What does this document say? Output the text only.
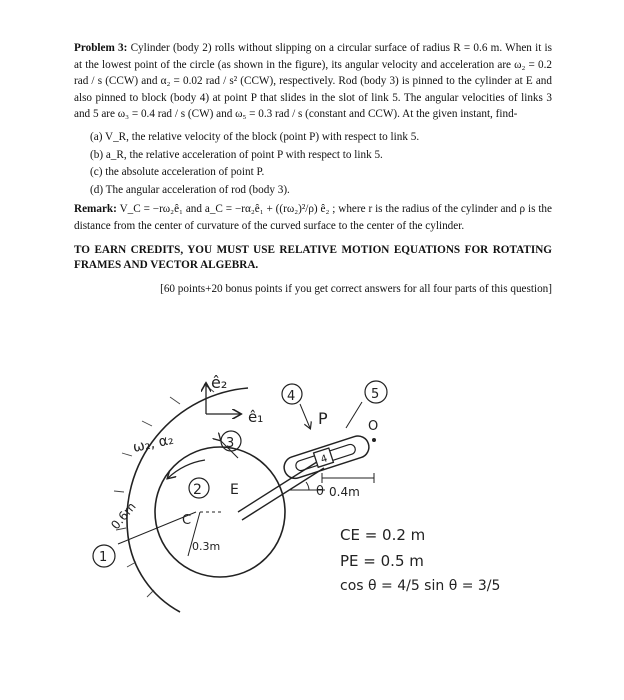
Problem 3: Cylinder (body 2) rolls without slipping on a circular surface of radius R = 0.6 m. When it is at the lowest point of the circle (as shown in the figure), its angular velocity and acceleration are ω₂ = 0.2 rad / s (CCW) and α₂ = 0.02 rad / s² (CCW), respectively. Rod (body 3) is pinned to the cylinder at E and also pinned to block (body 4) at point P that slides in the slot of link 5. The angular velocities of links 3 and 5 are ω₃ = 0.4 rad / s (CW) and ω₅ = 0.3 rad / s (constant and CCW). At the given instant, find-

(a) V_R, the relative velocity of the block (point P) with respect to link 5.
(b) a_R, the relative acceleration of point P with respect to link 5.
(c) the absolute acceleration of point P.
(d) The angular acceleration of rod (body 3).

Remark: V_C = −rω₂ê₁ and a_C = −rα₂ê₁ + ((rω₂)²/ρ) ê₂ ; where r is the radius of the cylinder and ρ is the distance from the center of curvature of the curved surface to the center of the cylinder.

TO EARN CREDITS, YOU MUST USE RELATIVE MOTION EQUATIONS FOR ROTATING FRAMES AND VECTOR ALGEBRA.

[60 points+20 bonus points if you get correct answers for all four parts of this question]

ê₂
ê₁
ω₂, α₂
2
0.6m	C
0.3m
E
3
θ
4
4
P
5
O
0.4m
1
CE = 0.2 m
PE = 0.5 m
cos θ = 4/5 sin θ = 3/5
